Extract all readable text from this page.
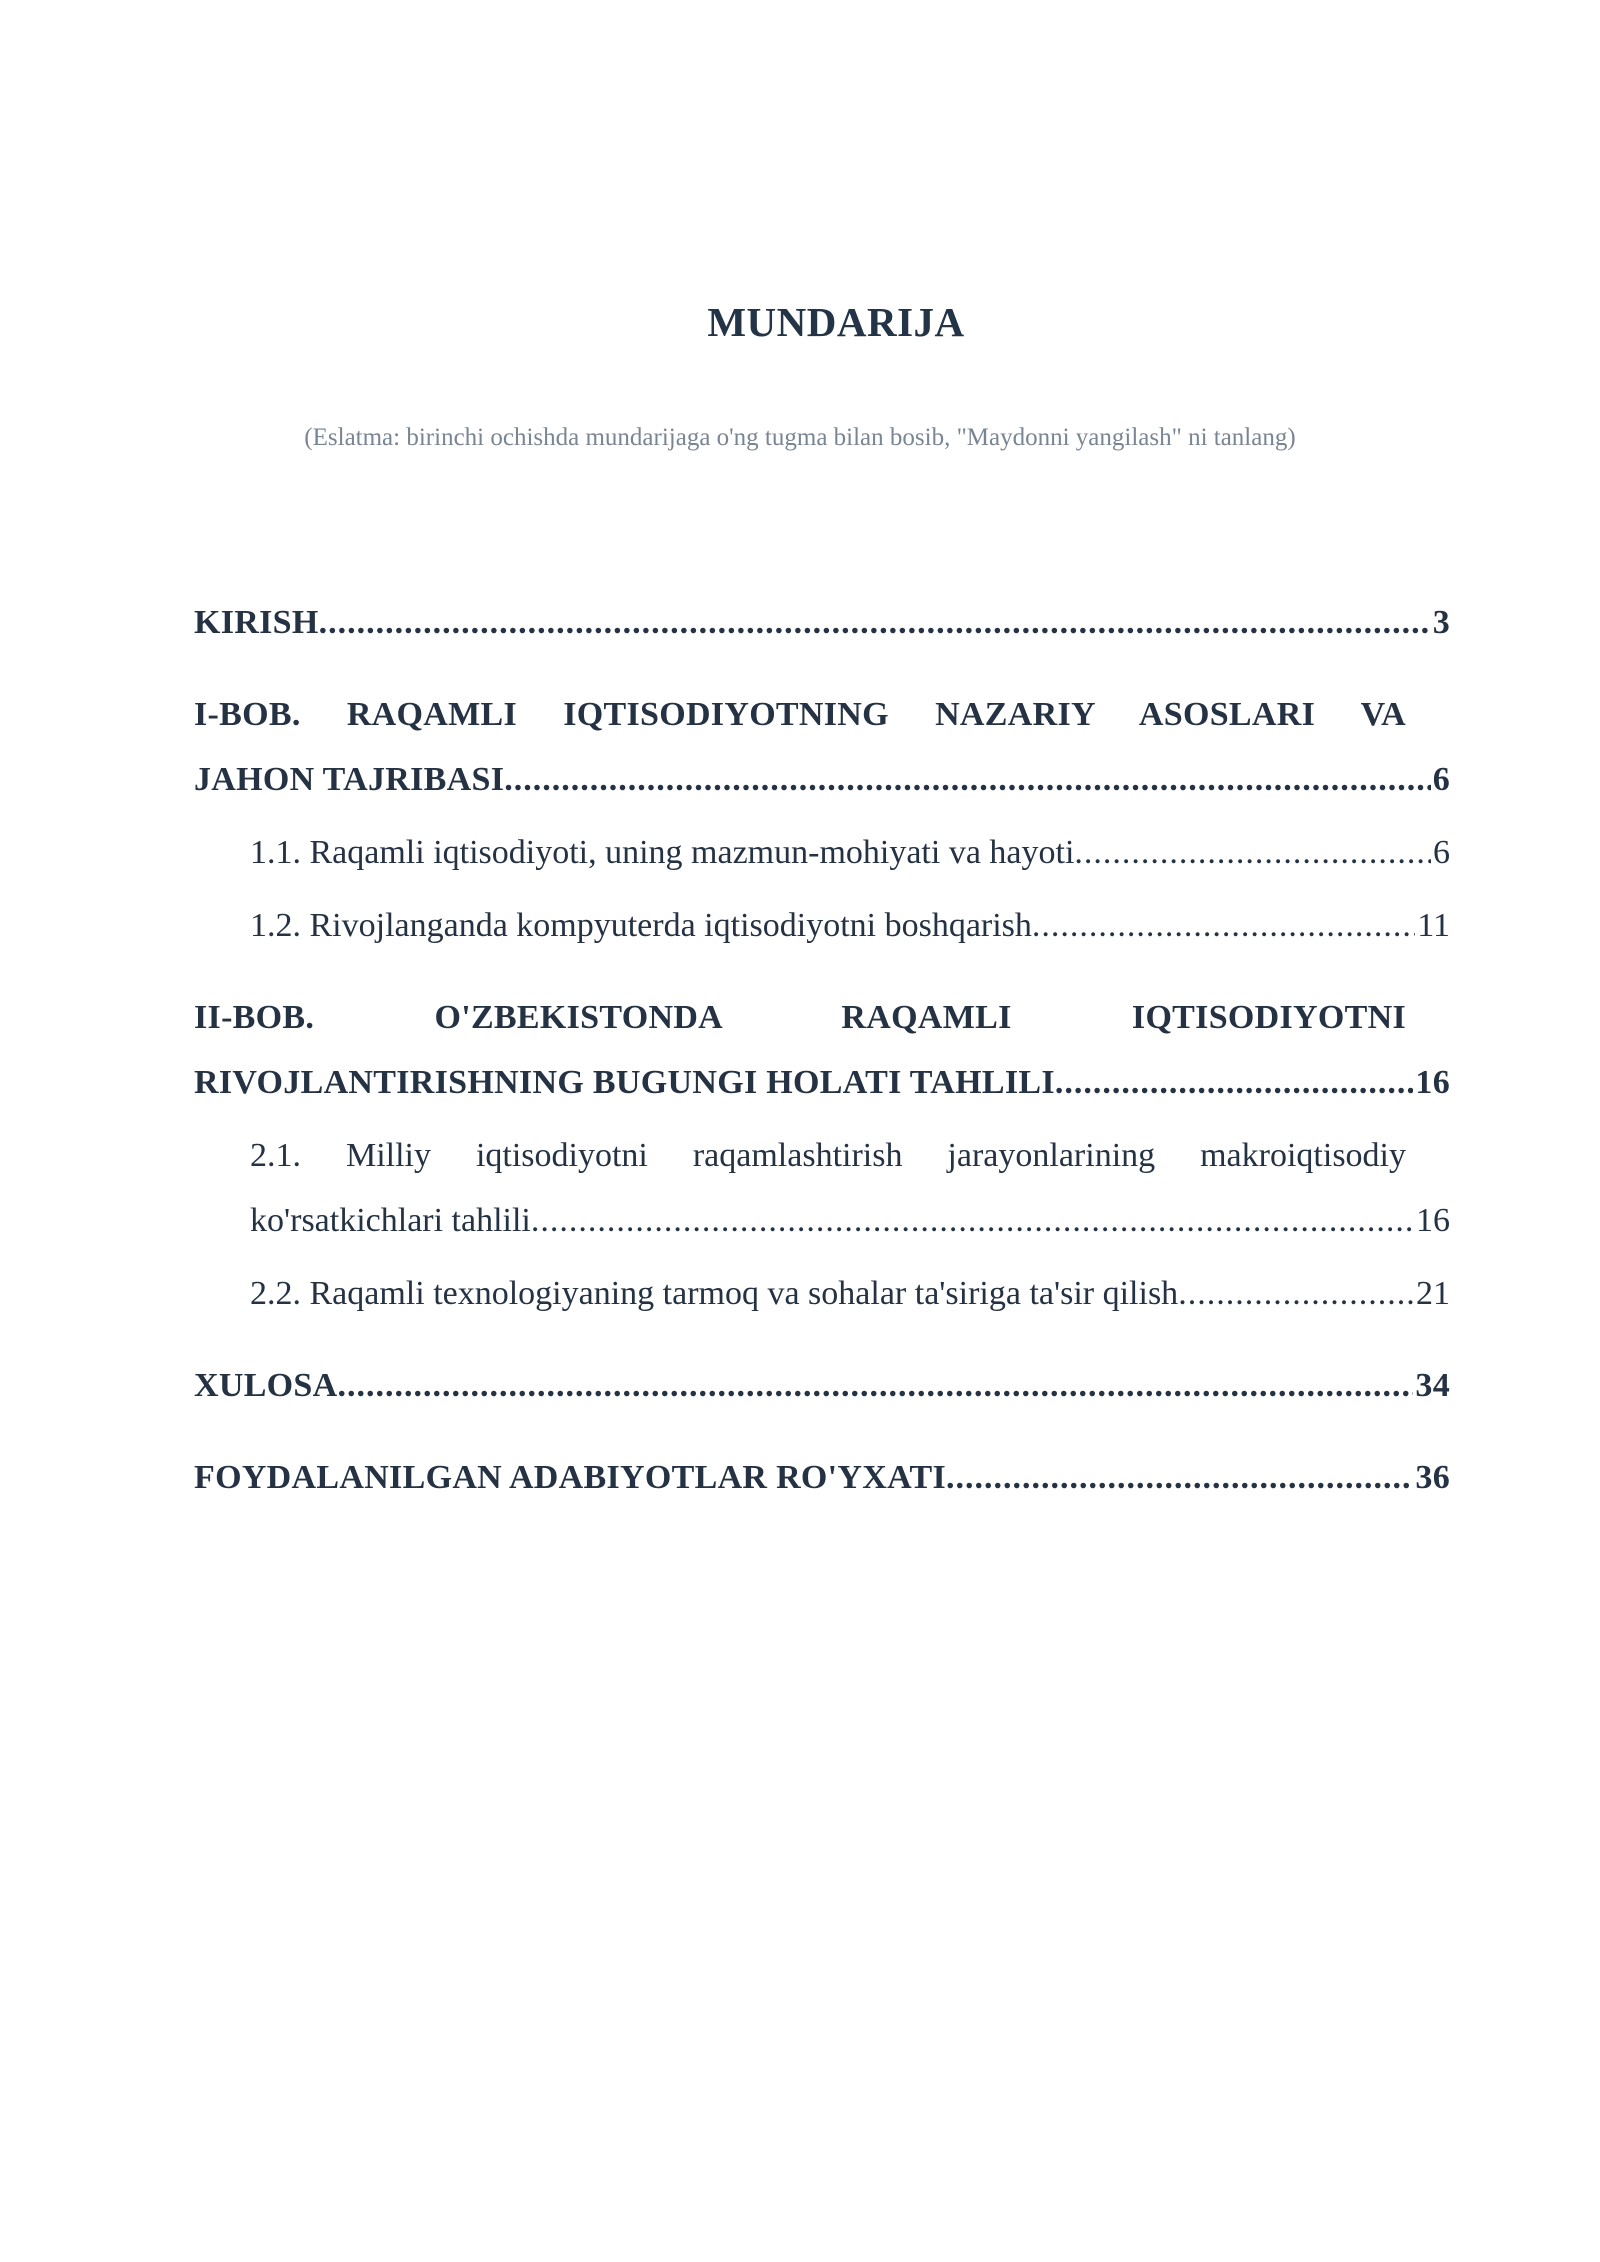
MUNDARIJA
(Eslatma: birinchi ochishda mundarijaga o'ng tugma bilan bosib, "Maydonni yangilash" ni tanlang)
KIRISH .....	3
I-BOB. RAQAMLI IQTISODIYOTNING NAZARIY ASOSLARI VA
JAHON TAJRIBASI .....	6
1.1. Raqamli iqtisodiyoti, uning mazmun-mohiyati va hayoti .....	6
1.2. Rivojlanganda kompyuterda iqtisodiyotni boshqarish .....	11
II-BOB. O'ZBEKISTONDA RAQAMLI IQTISODIYOTNI
RIVOJLANTIRISHNING BUGUNGI HOLATI TAHLILI .....	16
2.1. Milliy iqtisodiyotni raqamlashtirish jarayonlarining makroiqtisodiy
ko'rsatkichlari tahlili .....	16
2.2. Raqamli texnologiyaning tarmoq va sohalar ta'siriga ta'sir qilish .....	21
XULOSA .....	34
FOYDALANILGAN ADABIYOTLAR RO'YXATI .....	36
